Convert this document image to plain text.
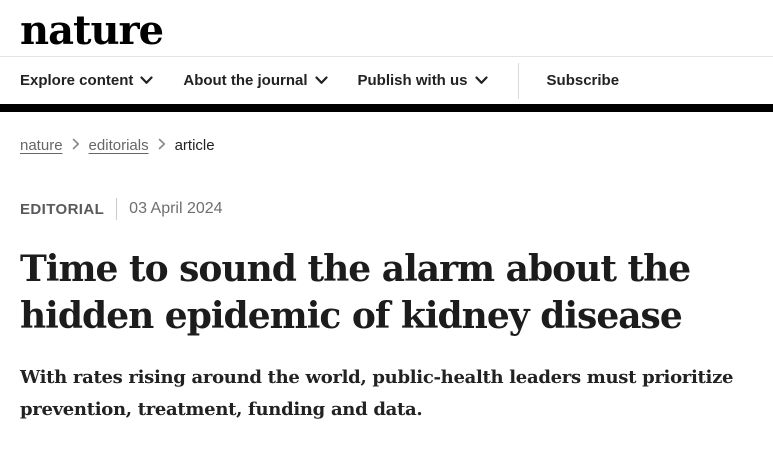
nature
Explore content	About the journal	Publish with us	Subscribe
nature editorials article
EDITORIAL 03 April 2024
Time to sound the alarm about the hidden epidemic of kidney disease

With rates rising around the world, public-health leaders must prioritize prevention, treatment, funding and data.
